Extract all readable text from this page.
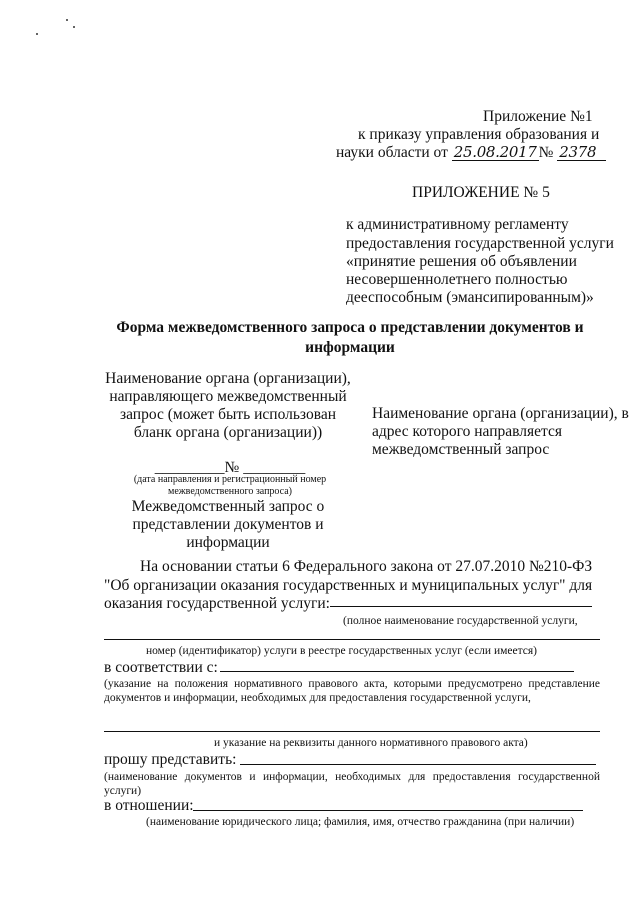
Приложение №1
к приказу управления образования и
науки области от 25.08.2017 № 2378
ПРИЛОЖЕНИЕ № 5
к административному регламенту
предоставления государственной услуги
«принятие решения об объявлении
несовершеннолетнего полностью
дееспособным (эмансипированным)»
Форма межведомственного запроса о представлении документов и информации
Наименование органа (организации), направляющего межведомственный запрос (может быть использован бланк органа (организации))
_________№ ________
(дата направления и регистрационный номер межведомственного запроса)
Межведомственный запрос о представлении документов и информации
Наименование органа (организации), в адрес которого направляется межведомственный запрос
На основании статьи 6 Федерального закона от 27.07.2010 №210-ФЗ
"Об организации оказания государственных и муниципальных услуг" для
оказания государственной услуги:
(полное наименование государственной услуги,
номер (идентификатор) услуги в реестре государственных услуг (если имеется)
в соответствии с:
(указание на положения нормативного правового акта, которыми предусмотрено представление документов и информации, необходимых для предоставления государственной услуги,
и указание на реквизиты данного нормативного правового акта)
прошу представить:
(наименование документов и информации, необходимых для предоставления государственной услуги)
в отношении:
(наименование юридического лица; фамилия, имя, отчество гражданина (при наличии)
